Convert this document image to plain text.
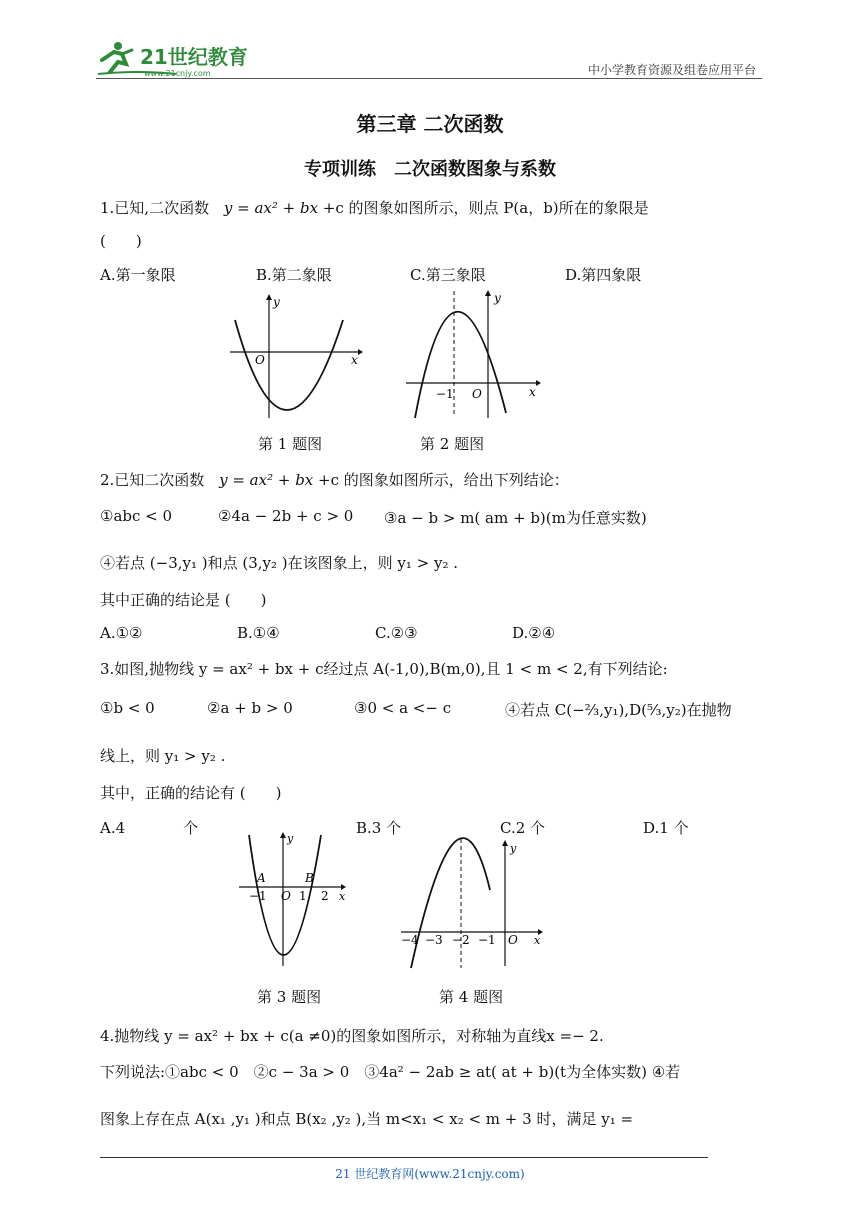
21世纪教育
www.21cnjy.com	中小学教育资源及组卷应用平台
第三章 二次函数
专项训练　二次函数图象与系数
1.已知,二次函数 y = ax² + bx +c 的图象如图所示，则点 P(a，b)所在的象限是
(　　)
A.第一象限	B.第二象限	C.第三象限	D.第四象限
y
x
O
第 1 题图
y
x
O
−1
第 2 题图
2.已知二次函数 y = ax² + bx +c 的图象如图所示，给出下列结论：
①abc < 0	②4a − 2b + c > 0 ③a − b > m( am + b)(m为任意实数)
④若点 (−3,y₁ )和点 (3,y₂ )在该图象上，则 y₁ > y₂ .
其中正确的结论是 (　　)
A.①②	B.①④	C.②③	D.②④
3.如图,抛物线 y = ax² + bx + c经过点 A(-1,0),B(m,0),且 1 < m < 2,有下列结论:
①b < 0	②a + b > 0	③0 < a <− c	④若点 C(−⅔,y₁),D(⁵⁄₃,y₂)在抛物
线上，则 y₁ > y₂ .
其中，正确的结论有 (　　)
A.4	个	B.3 个	C.2 个	D.1 个
y
x
O
A	B
−1	1 2
第 3 题图
y
x
O
−4 −3 −2 −1
第 4 题图
4.抛物线 y = ax² + bx + c(a ≠0)的图象如图所示，对称轴为直线x =− 2.
下列说法:①abc < 0　②c − 3a > 0　③4a² − 2ab ≥ at( at + b)(t为全体实数) ④若
图象上存在点 A(x₁ ,y₁ )和点 B(x₂ ,y₂ ),当 m<x₁ < x₂ < m + 3 时，满足 y₁ =
21 世纪教育网(www.21cnjy.com)
